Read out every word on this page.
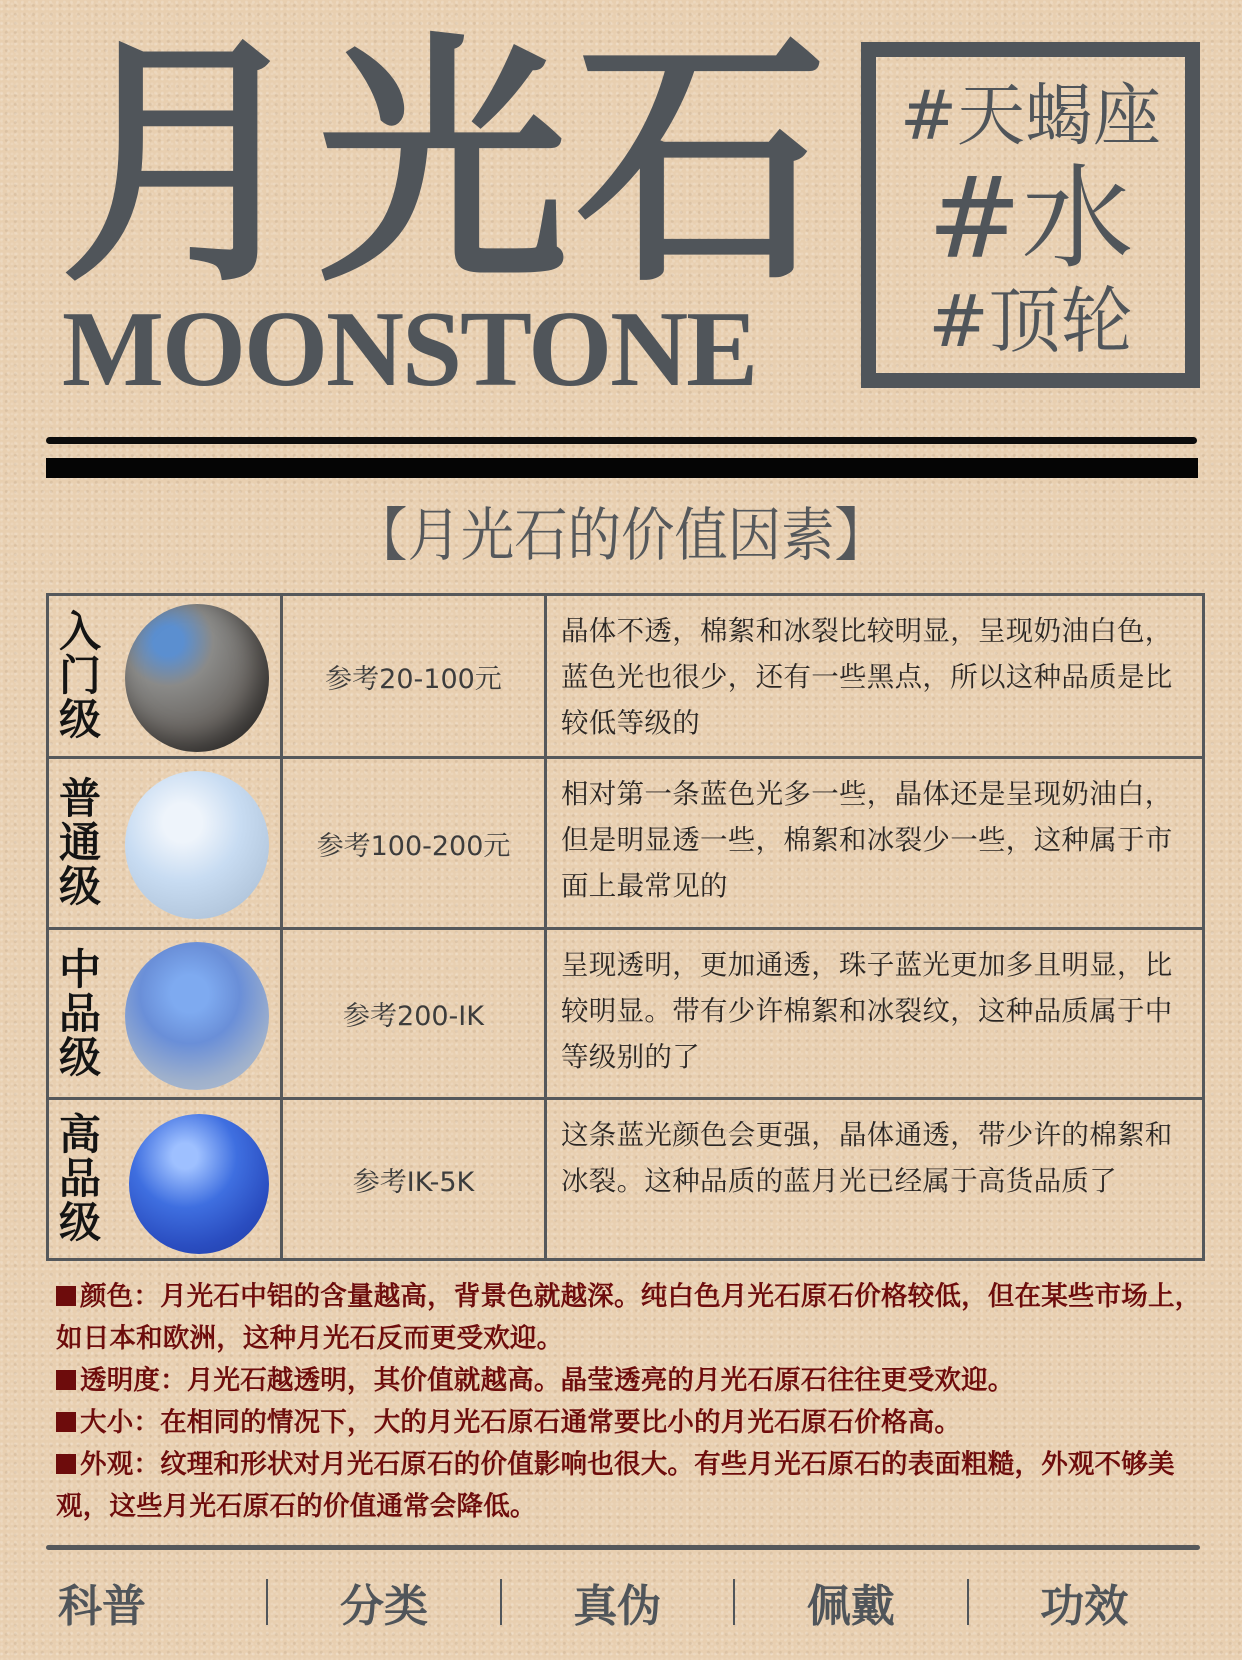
月 光 石
MOONSTONE
#天蝎座
#水
#顶轮
【月光石的价值因素】
入门级
参考20-100元
晶体不透，棉絮和冰裂比较明显，呈现奶油白色，蓝色光也很少，还有一些黑点，所以这种品质是比较低等级的
普通级
参考100-200元
相对第一条蓝色光多一些，晶体还是呈现奶油白，但是明显透一些，棉絮和冰裂少一些，这种属于市面上最常见的
中品级
参考200-IK
呈现透明，更加通透，珠子蓝光更加多且明显，比较明显。带有少许棉絮和冰裂纹，这种品质属于中等级别的了
高品级
参考IK-5K
这条蓝光颜色会更强，晶体通透，带少许的棉絮和冰裂。这种品质的蓝月光已经属于高货品质了
颜色：月光石中铝的含量越高，背景色就越深。纯白色月光石原石价格较低，但在某些市场上，如日本和欧洲，这种月光石反而更受欢迎。
透明度：月光石越透明，其价值就越高。晶莹透亮的月光石原石往往更受欢迎。
大小：在相同的情况下，大的月光石原石通常要比小的月光石原石价格高。
外观：纹理和形状对月光石原石的价值影响也很大。有些月光石原石的表面粗糙，外观不够美观，这些月光石原石的价值通常会降低。
科普	分类	真伪	佩戴	功效
